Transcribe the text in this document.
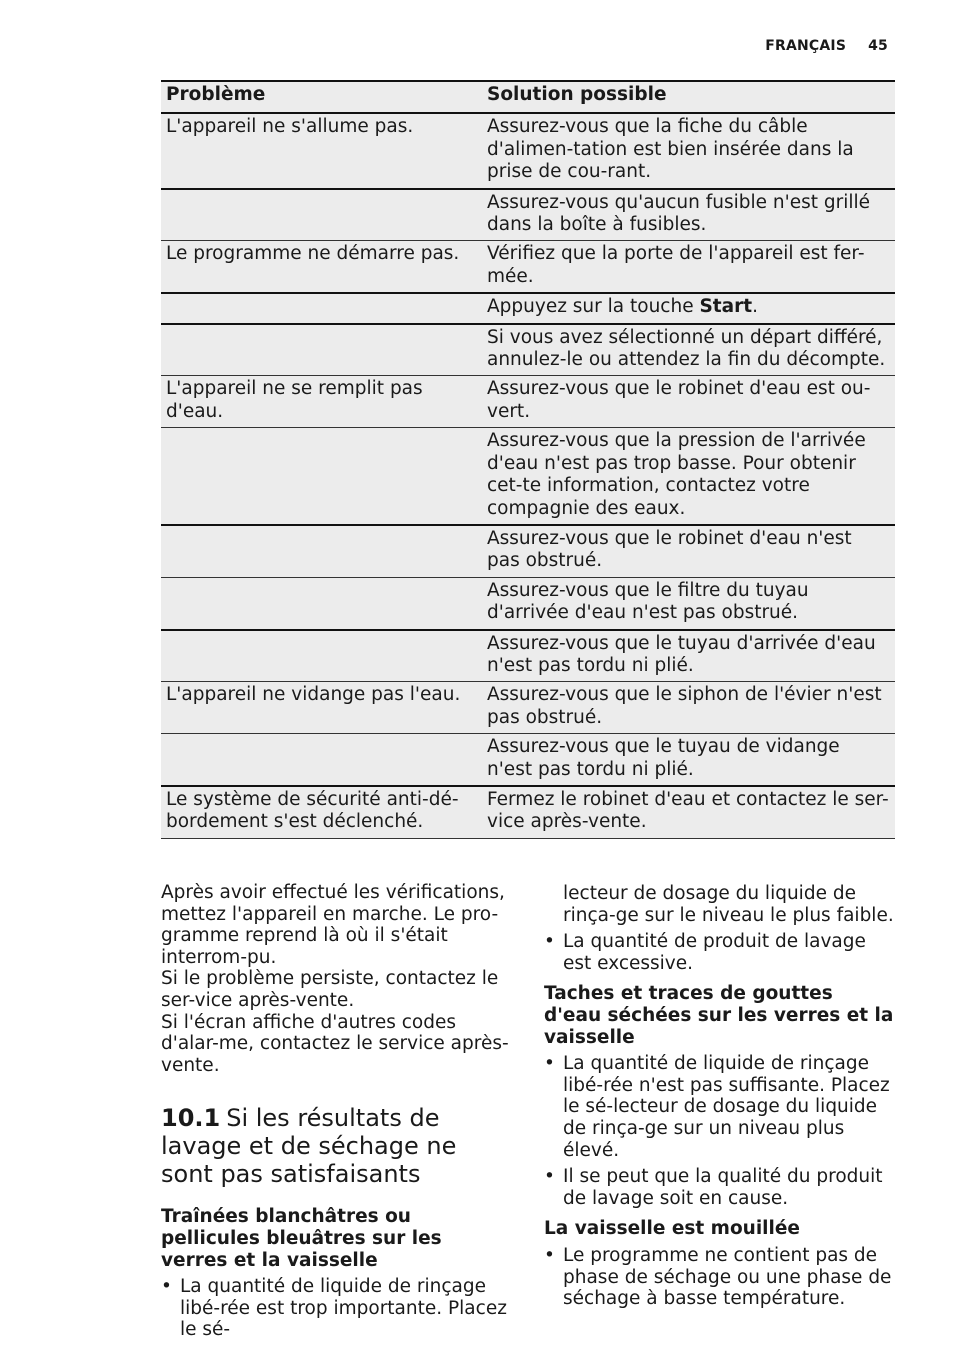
FRANÇAIS 45
Problème	Solution possible
L'appareil ne s'allume pas.	Assurez-vous que la fiche du câble d'alimen-tation est bien insérée dans la prise de cou-rant.
	Assurez-vous qu'aucun fusible n'est grillé dans la boîte à fusibles.
Le programme ne démarre pas.	Vérifiez que la porte de l'appareil est fer-mée.
	Appuyez sur la touche Start.
	Si vous avez sélectionné un départ différé, annulez-le ou attendez la fin du décompte.
L'appareil ne se remplit pas d'eau.	Assurez-vous que le robinet d'eau est ou-vert.
	Assurez-vous que la pression de l'arrivée d'eau n'est pas trop basse. Pour obtenir cet-te information, contactez votre compagnie des eaux.
	Assurez-vous que le robinet d'eau n'est pas obstrué.
	Assurez-vous que le filtre du tuyau d'arrivée d'eau n'est pas obstrué.
	Assurez-vous que le tuyau d'arrivée d'eau n'est pas tordu ni plié.
L'appareil ne vidange pas l'eau.	Assurez-vous que le siphon de l'évier n'est pas obstrué.
	Assurez-vous que le tuyau de vidange n'est pas tordu ni plié.
Le système de sécurité anti-dé-bordement s'est déclenché.	Fermez le robinet d'eau et contactez le ser-vice après-vente.

Après avoir effectué les vérifications, mettez l'appareil en marche. Le pro-gramme reprend là où il s'était interrom-pu.

Si le problème persiste, contactez le ser-vice après-vente.

Si l'écran affiche d'autres codes d'alar-me, contactez le service après-vente.

10.1 Si les résultats de lavage et de séchage ne sont pas satisfaisants

Traînées blanchâtres ou pellicules bleuâtres sur les verres et la vaisselle

• La quantité de liquide de rinçage libé-rée est trop importante. Placez le sé-

lecteur de dosage du liquide de rinça-ge sur le niveau le plus faible.

• La quantité de produit de lavage est excessive.

Taches et traces de gouttes d'eau séchées sur les verres et la vaisselle

• La quantité de liquide de rinçage libé-rée n'est pas suffisante. Placez le sé-lecteur de dosage du liquide de rinça-ge sur un niveau plus élevé.
• Il se peut que la qualité du produit de lavage soit en cause.

La vaisselle est mouillée

• Le programme ne contient pas de phase de séchage ou une phase de séchage à basse température.
